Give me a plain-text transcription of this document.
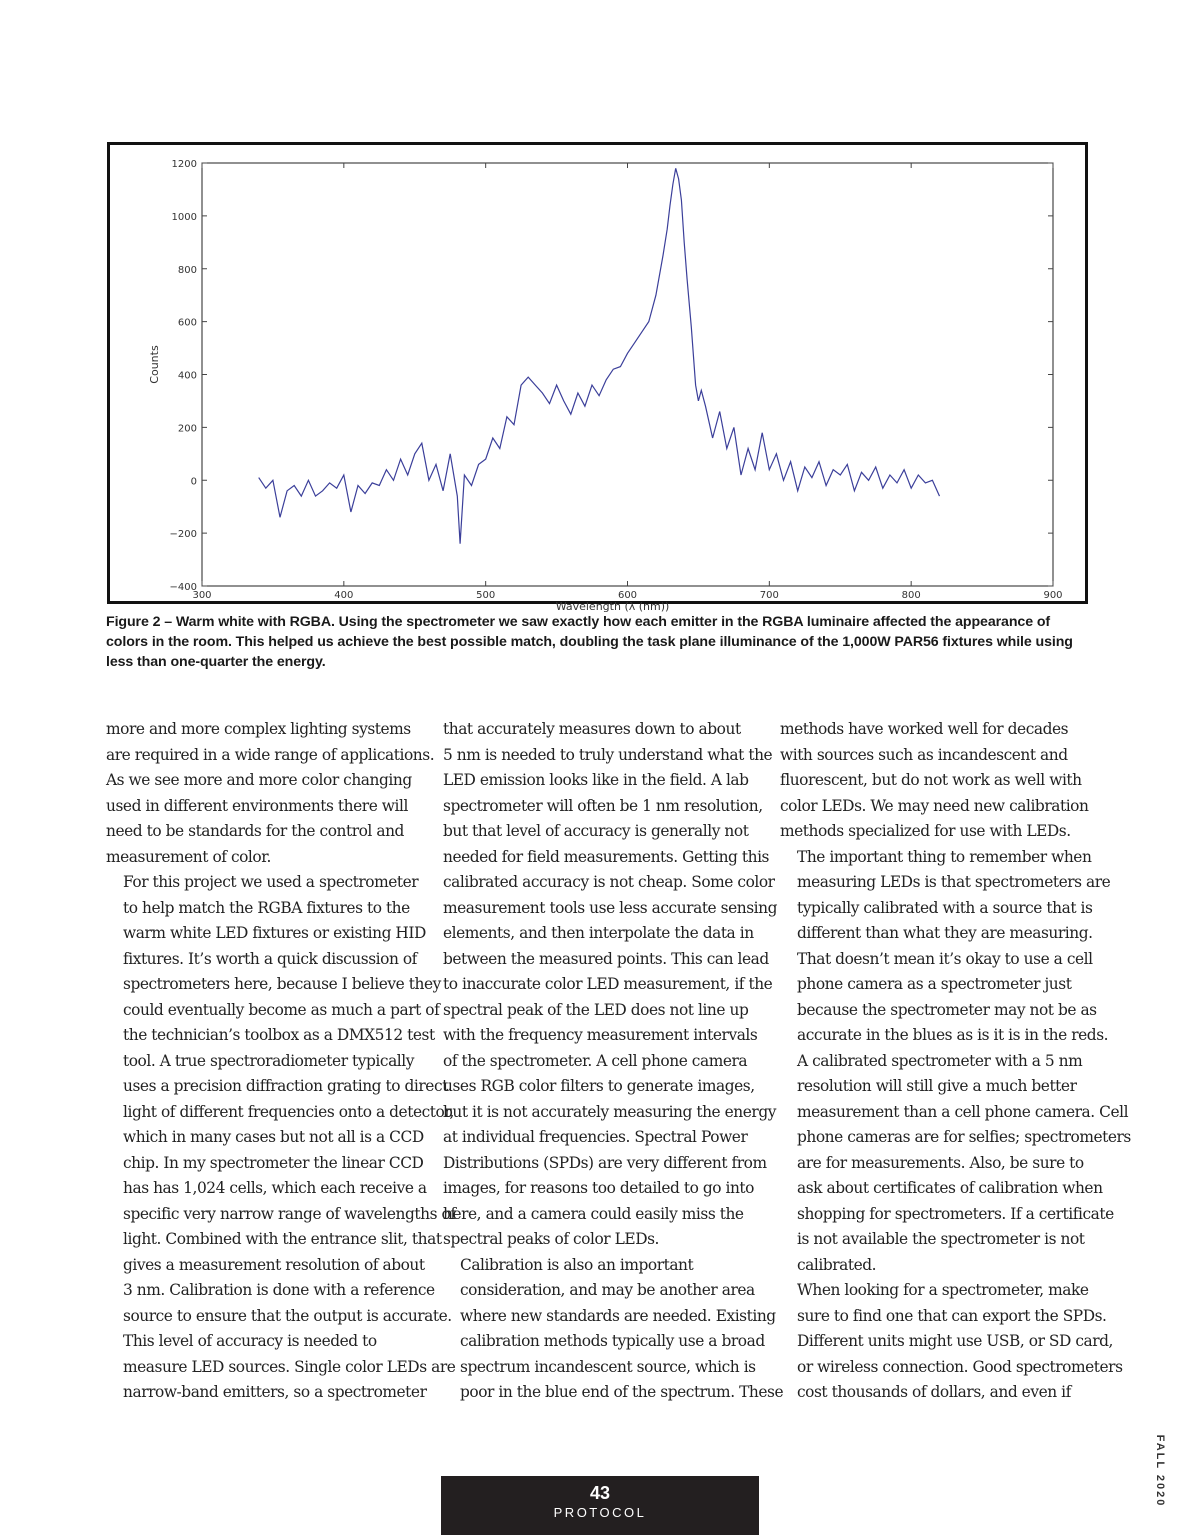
300	400	500	600	700	800	900
−400
−200
0
200
400
600
800
1000
1200
Wavelength (λ (nm))
Counts
Figure 2 – Warm white with RGBA. Using the spectrometer we saw exactly how each emitter in the RGBA luminaire affected the appearance of colors in the room. This helped us achieve the best possible match, doubling the task plane illuminance of the 1,000W PAR56 fixtures while using less than one-quarter the energy.

more and more complex lighting systems
are required in a wide range of applications.
As we see more and more color changing
used in different environments there will
need to be standards for the control and
measurement of color.

For this project we used a spectrometer
to help match the RGBA fixtures to the
warm white LED fixtures or existing HID
fixtures. It’s worth a quick discussion of
spectrometers here, because I believe they
could eventually become as much a part of
the technician’s toolbox as a DMX512 test
tool. A true spectroradiometer typically
uses a precision diffraction grating to direct
light of different frequencies onto a detector,
which in many cases but not all is a CCD
chip. In my spectrometer the linear CCD
has has 1,024 cells, which each receive a
specific very narrow range of wavelengths of
light. Combined with the entrance slit, that
gives a measurement resolution of about
3 nm. Calibration is done with a reference
source to ensure that the output is accurate.

This level of accuracy is needed to
measure LED sources. Single color LEDs are
narrow-band emitters, so a spectrometer

that accurately measures down to about
5 nm is needed to truly understand what the
LED emission looks like in the field. A lab
spectrometer will often be 1 nm resolution,
but that level of accuracy is generally not
needed for field measurements. Getting this
calibrated accuracy is not cheap. Some color
measurement tools use less accurate sensing
elements, and then interpolate the data in
between the measured points. This can lead
to inaccurate color LED measurement, if the
spectral peak of the LED does not line up
with the frequency measurement intervals
of the spectrometer. A cell phone camera
uses RGB color filters to generate images,
but it is not accurately measuring the energy
at individual frequencies. Spectral Power
Distributions (SPDs) are very different from
images, for reasons too detailed to go into
here, and a camera could easily miss the
spectral peaks of color LEDs.

Calibration is also an important
consideration, and may be another area
where new standards are needed. Existing
calibration methods typically use a broad
spectrum incandescent source, which is
poor in the blue end of the spectrum. These

methods have worked well for decades
with sources such as incandescent and
fluorescent, but do not work as well with
color LEDs. We may need new calibration
methods specialized for use with LEDs.

The important thing to remember when
measuring LEDs is that spectrometers are
typically calibrated with a source that is
different than what they are measuring.
That doesn’t mean it’s okay to use a cell
phone camera as a spectrometer just
because the spectrometer may not be as
accurate in the blues as is it is in the reds.
A calibrated spectrometer with a 5 nm
resolution will still give a much better
measurement than a cell phone camera. Cell
phone cameras are for selfies; spectrometers
are for measurements. Also, be sure to
ask about certificates of calibration when
shopping for spectrometers. If a certificate
is not available the spectrometer is not
calibrated.

When looking for a spectrometer, make
sure to find one that can export the SPDs.
Different units might use USB, or SD card,
or wireless connection. Good spectrometers
cost thousands of dollars, and even if

43
PROTOCOL
FALL 2020
